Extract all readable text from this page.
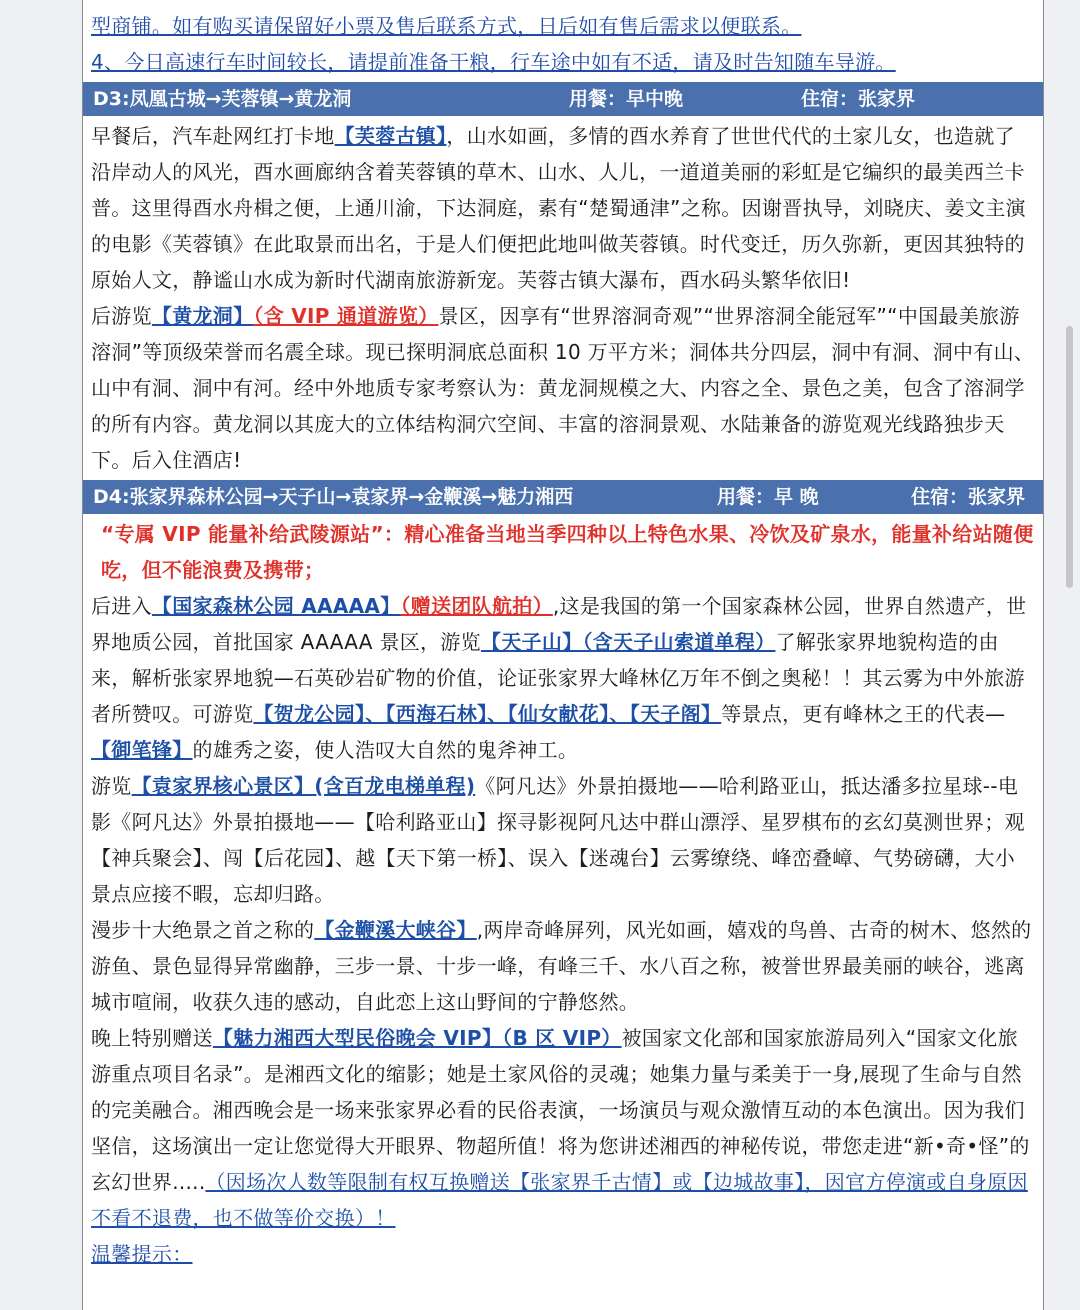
型商铺。如有购买请保留好小票及售后联系方式，日后如有售后需求以便联系。
4、今日高速行车时间较长，请提前准备干粮，行车途中如有不适，请及时告知随车导游。
D3:凤凰古城→芙蓉镇→黄龙洞	用餐：早中晚	住宿：张家界
早餐后，汽车赴网红打卡地【芙蓉古镇】，山水如画，多情的酉水养育了世世代代的土家儿女，也造就了沿岸动人的风光，酉水画廊纳含着芙蓉镇的草木、山水、人儿，一道道美丽的彩虹是它编织的最美西兰卡普。这里得酉水舟楫之便，上通川渝，下达洞庭，素有“楚蜀通津”之称。因谢晋执导，刘晓庆、姜文主演的电影《芙蓉镇》在此取景而出名，于是人们便把此地叫做芙蓉镇。时代变迁，历久弥新，更因其独特的原始人文，静谧山水成为新时代湖南旅游新宠。芙蓉古镇大瀑布，酉水码头繁华依旧!
后游览【黄龙洞】（含 VIP 通道游览）景区，因享有“世界溶洞奇观”“世界溶洞全能冠军”“中国最美旅游溶洞”等顶级荣誉而名震全球。现已探明洞底总面积 10 万平方米；洞体共分四层，洞中有洞、洞中有山、山中有洞、洞中有河。经中外地质专家考察认为：黄龙洞规模之大、内容之全、景色之美，包含了溶洞学的所有内容。黄龙洞以其庞大的立体结构洞穴空间、丰富的溶洞景观、水陆兼备的游览观光线路独步天下。后入住酒店!
D4:张家界森林公园→天子山→袁家界→金鞭溪→魅力湘西	用餐：早 晚	住宿：张家界
“专属 VIP 能量补给武陵源站”：精心准备当地当季四种以上特色水果、冷饮及矿泉水，能量补给站随便吃，但不能浪费及携带；
后进入【国家森林公园 AAAAA】（赠送团队航拍）,这是我国的第一个国家森林公园，世界自然遗产，世界地质公园，首批国家 AAAAA 景区，游览【天子山】（含天子山索道单程）了解张家界地貌构造的由来，解析张家界地貌—石英砂岩矿物的价值，论证张家界大峰林亿万年不倒之奥秘！！其云雾为中外旅游者所赞叹。可游览【贺龙公园】、【西海石林】、【仙女献花】、【天子阁】等景点，更有峰林之王的代表—【御笔锋】的雄秀之姿，使人浩叹大自然的鬼斧神工。
游览【袁家界核心景区】(含百龙电梯单程)《阿凡达》外景拍摄地——哈利路亚山，抵达潘多拉星球--电影《阿凡达》外景拍摄地——【哈利路亚山】探寻影视阿凡达中群山漂浮、星罗棋布的玄幻莫测世界；观【神兵聚会】、闯【后花园】、越【天下第一桥】、误入【迷魂台】云雾缭绕、峰峦叠嶂、气势磅礴，大小景点应接不暇，忘却归路。
漫步十大绝景之首之称的【金鞭溪大峡谷】,两岸奇峰屏列，风光如画，嬉戏的鸟兽、古奇的树木、悠然的游鱼、景色显得异常幽静，三步一景、十步一峰，有峰三千、水八百之称，被誉世界最美丽的峡谷，逃离城市喧闹，收获久违的感动，自此恋上这山野间的宁静悠然。
晚上特别赠送【魅力湘西大型民俗晚会 VIP】（B 区 VIP）被国家文化部和国家旅游局列入“国家文化旅游重点项目名录”。是湘西文化的缩影；她是土家风俗的灵魂；她集力量与柔美于一身,展现了生命与自然的完美融合。湘西晚会是一场来张家界必看的民俗表演，一场演员与观众激情互动的本色演出。因为我们坚信，这场演出一定让您觉得大开眼界、物超所值！将为您讲述湘西的神秘传说，带您走进“新•奇•怪”的玄幻世界.....（因场次人数等限制有权互换赠送【张家界千古情】或【边城故事】，因官方停演或自身原因不看不退费，也不做等价交换）！
温馨提示：
